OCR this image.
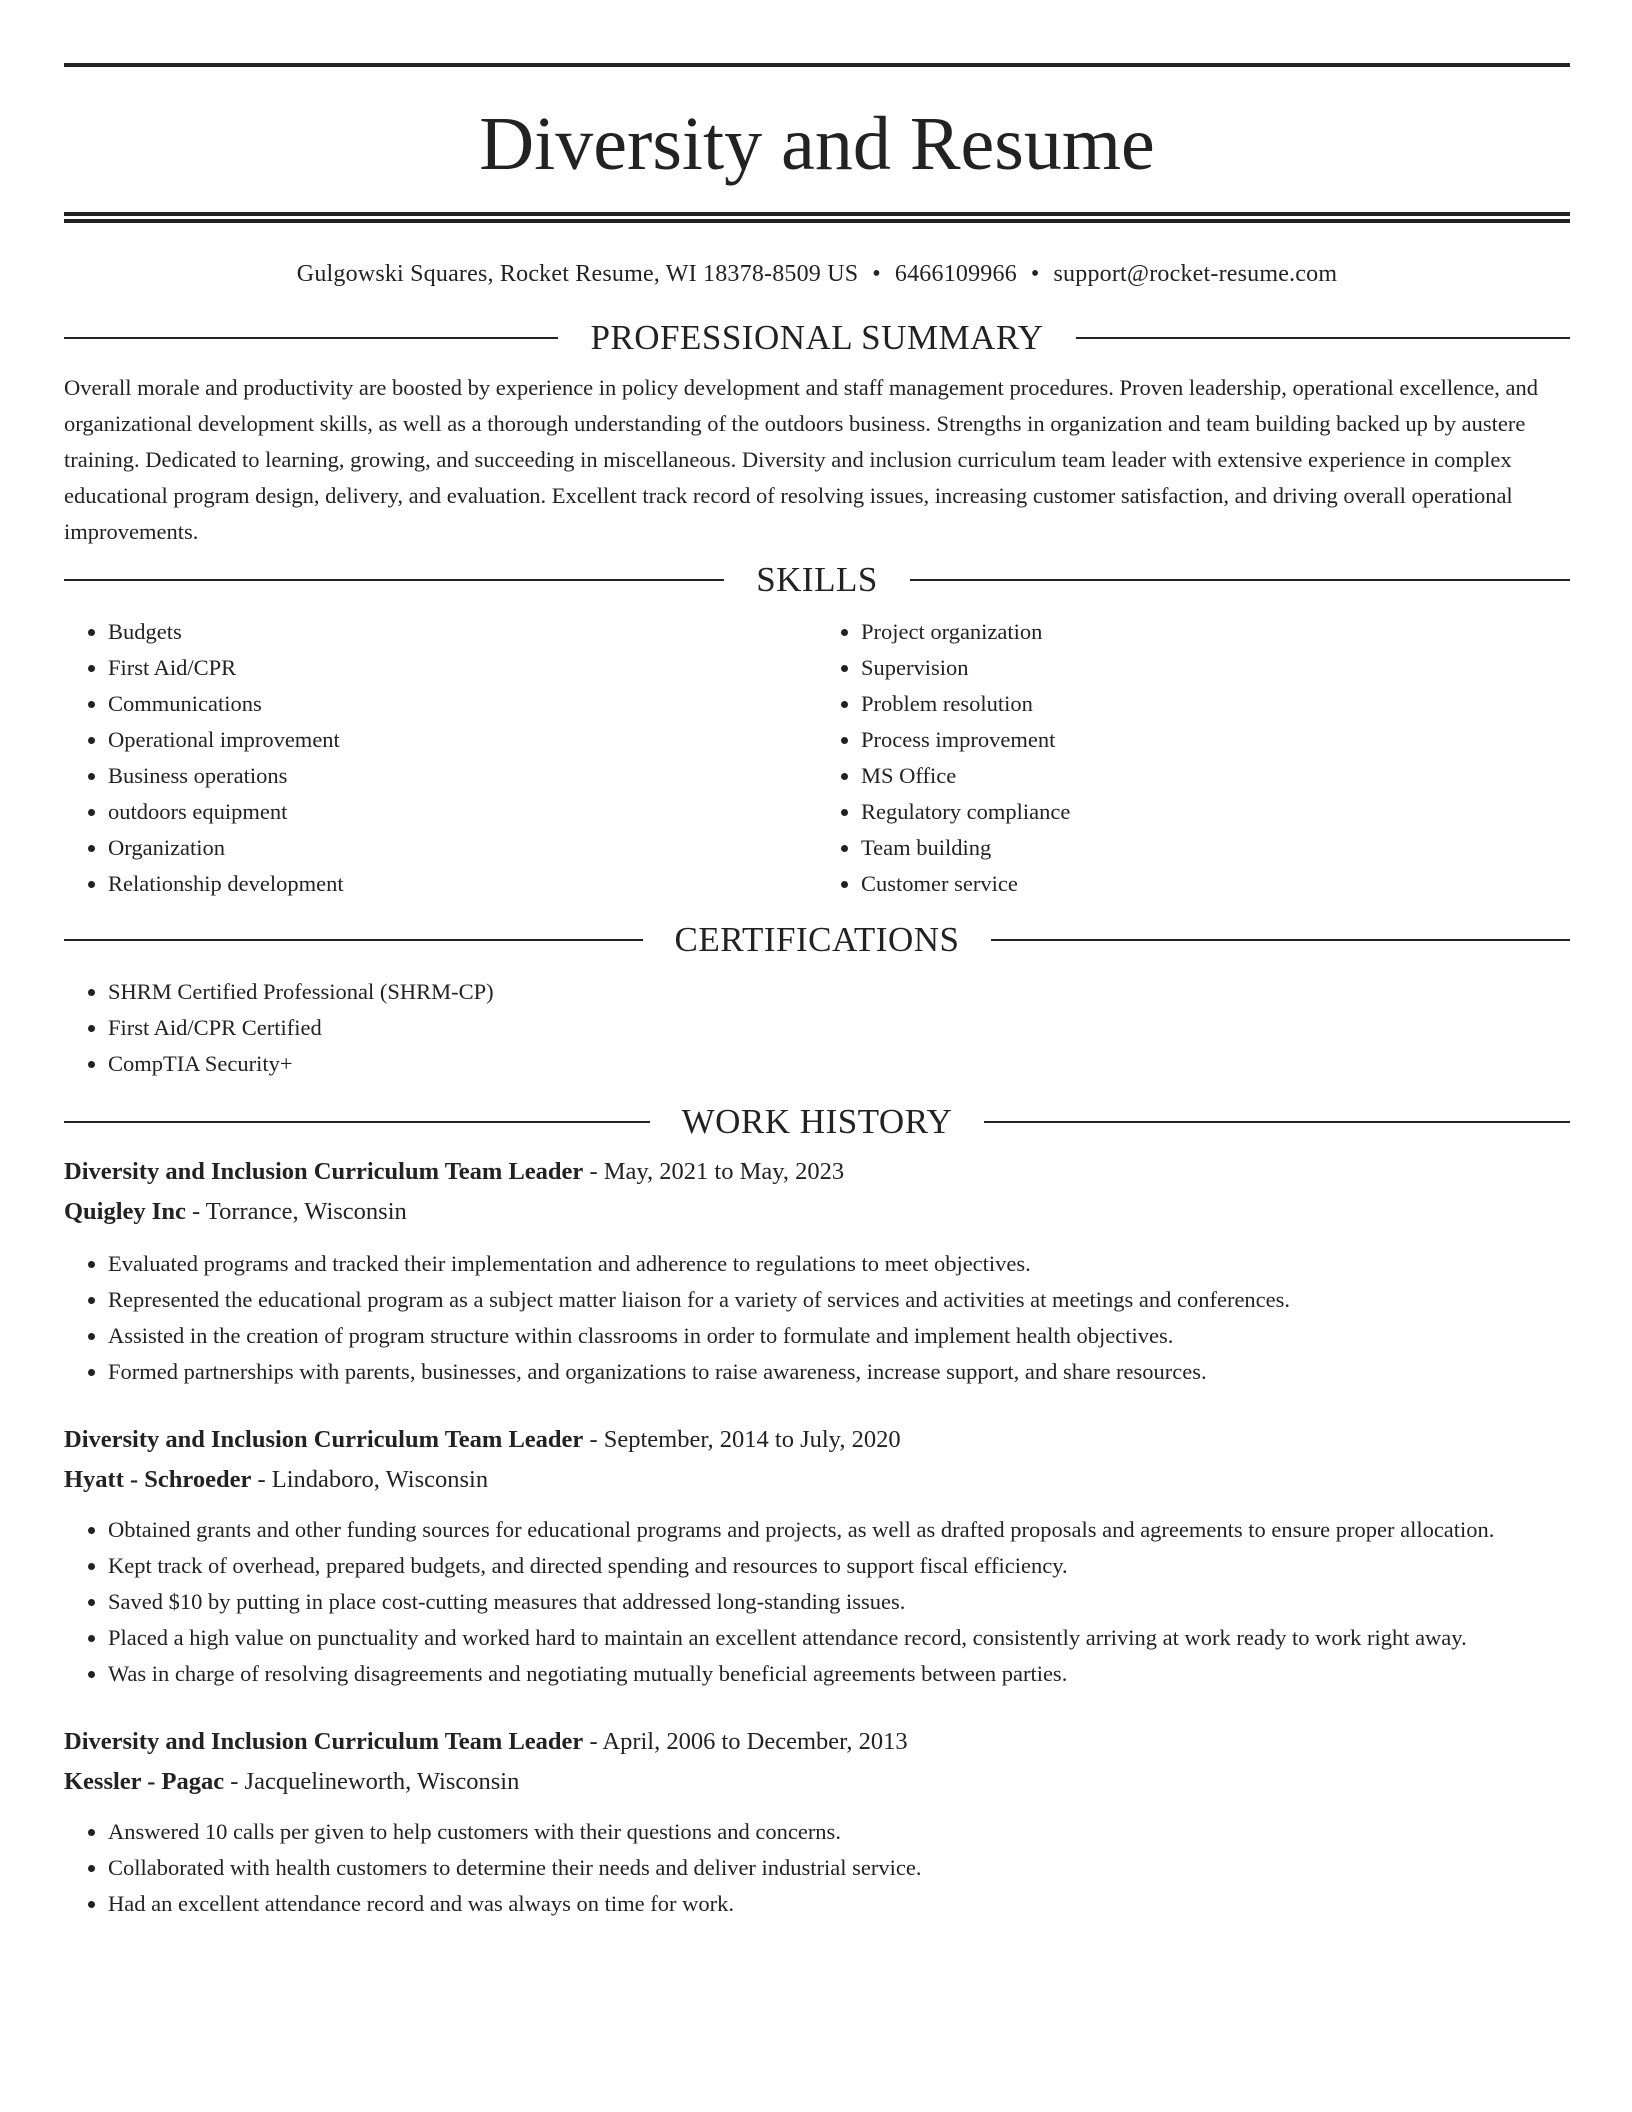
Diversity and Resume
Gulgowski Squares, Rocket Resume, WI 18378-8509 US • 6466109966 • support@rocket-resume.com
PROFESSIONAL SUMMARY

Overall morale and productivity are boosted by experience in policy development and staff management procedures. Proven leadership, operational excellence, and organizational development skills, as well as a thorough understanding of the outdoors business. Strengths in organization and team building backed up by austere training. Dedicated to learning, growing, and succeeding in miscellaneous. Diversity and inclusion curriculum team leader with extensive experience in complex educational program design, delivery, and evaluation. Excellent track record of resolving issues, increasing customer satisfaction, and driving overall operational improvements.

SKILLS
• Budgets
• First Aid/CPR
• Communications
• Operational improvement
• Business operations
• outdoors equipment
• Organization
• Relationship development
• Project organization
• Supervision
• Problem resolution
• Process improvement
• MS Office
• Regulatory compliance
• Team building
• Customer service
CERTIFICATIONS
• SHRM Certified Professional (SHRM-CP)
• First Aid/CPR Certified
• CompTIA Security+
WORK HISTORY
Diversity and Inclusion Curriculum Team Leader - May, 2021 to May, 2023
Quigley Inc - Torrance, Wisconsin
• Evaluated programs and tracked their implementation and adherence to regulations to meet objectives.
• Represented the educational program as a subject matter liaison for a variety of services and activities at meetings and conferences.
• Assisted in the creation of program structure within classrooms in order to formulate and implement health objectives.
• Formed partnerships with parents, businesses, and organizations to raise awareness, increase support, and share resources.
Diversity and Inclusion Curriculum Team Leader - September, 2014 to July, 2020
Hyatt - Schroeder - Lindaboro, Wisconsin
• Obtained grants and other funding sources for educational programs and projects, as well as drafted proposals and agreements to ensure proper allocation.
• Kept track of overhead, prepared budgets, and directed spending and resources to support fiscal efficiency.
• Saved $10 by putting in place cost-cutting measures that addressed long-standing issues.
• Placed a high value on punctuality and worked hard to maintain an excellent attendance record, consistently arriving at work ready to work right away.
• Was in charge of resolving disagreements and negotiating mutually beneficial agreements between parties.
Diversity and Inclusion Curriculum Team Leader - April, 2006 to December, 2013
Kessler - Pagac - Jacquelineworth, Wisconsin
• Answered 10 calls per given to help customers with their questions and concerns.
• Collaborated with health customers to determine their needs and deliver industrial service.
• Had an excellent attendance record and was always on time for work.
